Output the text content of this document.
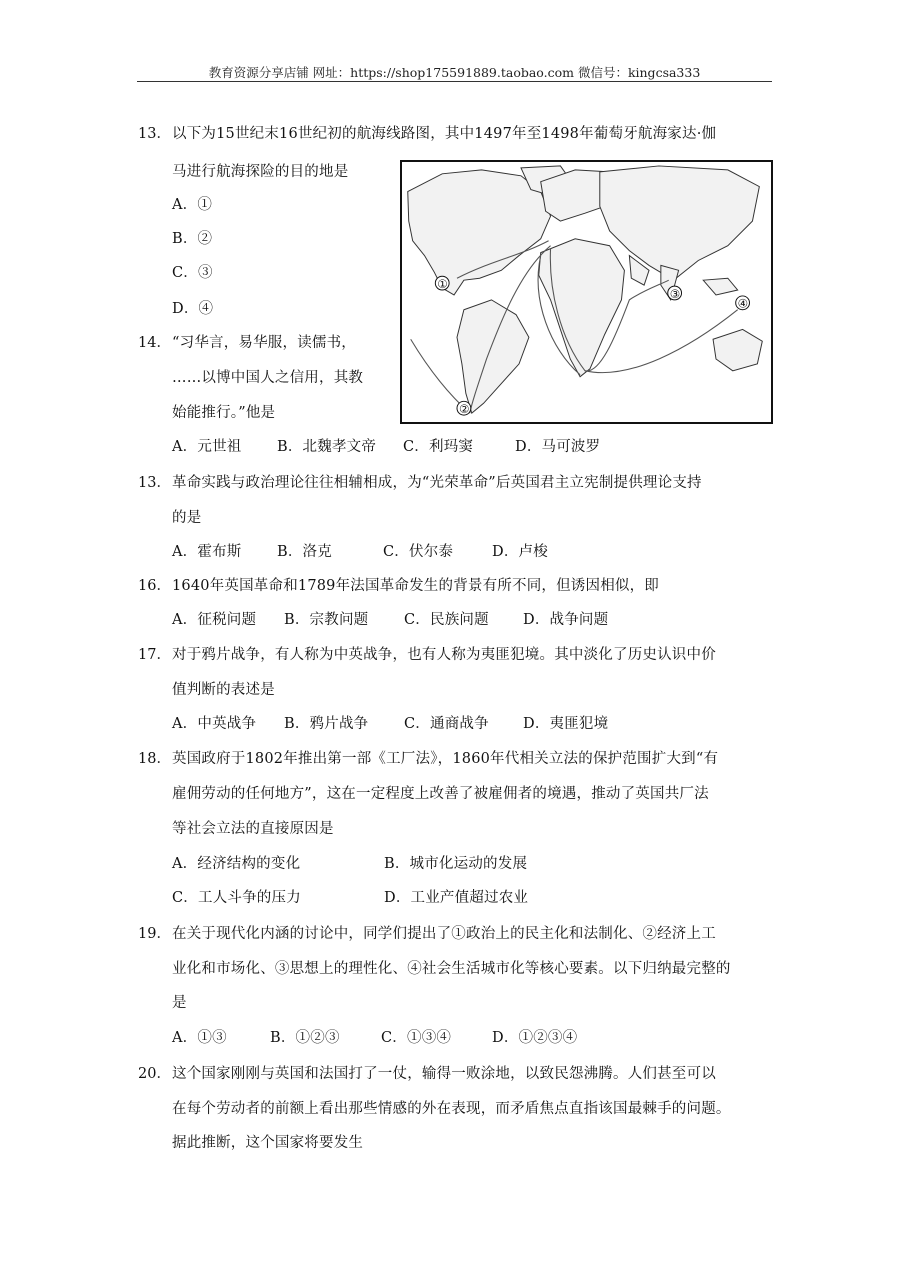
教育资源分享店铺 网址：https://shop175591889.taobao.com 微信号：kingcsa333
13． 以下为15世纪末16世纪初的航海线路图，其中1497年至1498年葡萄牙航海家达·伽
马进行航海探险的目的地是
A．①
B．②
C．③
D．④
①
②
③
④
14． “习华言，易华服，读儒书，
……以博中国人之信用，其教
始能推行。”他是
A．元世祖 B．北魏孝文帝 C．利玛窦	D．马可波罗
13． 革命实践与政治理论往往相辅相成，为“光荣革命”后英国君主立宪制提供理论支持
的是
A．霍布斯 B．洛克	C．伏尔泰	D．卢梭
16． 1640年英国革命和1789年法国革命发生的背景有所不同，但诱因相似，即
A．征税问题 B．宗教问题 C．民族问题 D．战争问题
17． 对于鸦片战争，有人称为中英战争，也有人称为夷匪犯境。其中淡化了历史认识中价
值判断的表述是
A．中英战争 B．鸦片战争 C．通商战争 D．夷匪犯境
18． 英国政府于1802年推出第一部《工厂法》，1860年代相关立法的保护范围扩大到“有
雇佣劳动的任何地方”，这在一定程度上改善了被雇佣者的境遇，推动了英国共厂法
等社会立法的直接原因是
A．经济结构的变化	B．城市化运动的发展
C．工人斗争的压力	D．工业产值超过农业
19． 在关于现代化内涵的讨论中，同学们提出了①政治上的民主化和法制化、②经济上工
业化和市场化、③思想上的理性化、④社会生活城市化等核心要素。以下归纳最完整的
是
A．①③	B．①②③	C．①③④	D．①②③④
20． 这个国家刚刚与英国和法国打了一仗，输得一败涂地，以致民怨沸腾。人们甚至可以
在每个劳动者的前额上看出那些情感的外在表现，而矛盾焦点直指该国最棘手的问题。
据此推断，这个国家将要发生
